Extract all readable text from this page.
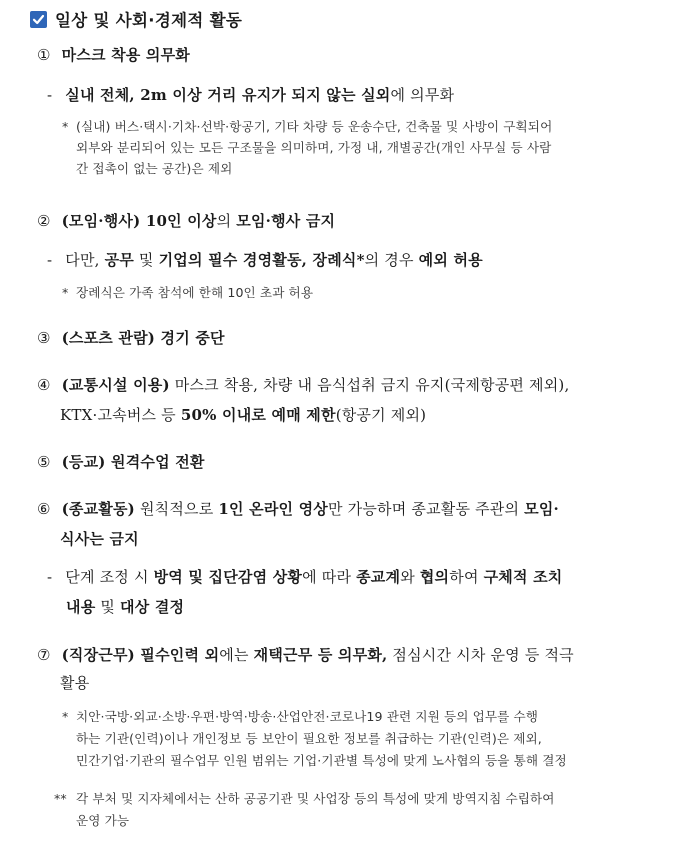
일상 및 사회·경제적 활동
① 마스크 착용 의무화
- 실내 전체, 2m 이상 거리 유지가 되지 않는 실외에 의무화
* (실내) 버스·택시·기차·선박·항공기, 기타 차량 등 운송수단, 건축물 및 사방이 구획되어
외부와 분리되어 있는 모든 구조물을 의미하며, 가정 내, 개별공간(개인 사무실 등 사람
간 접촉이 없는 공간)은 제외
② (모임·행사) 10인 이상의 모임·행사 금지
- 다만, 공무 및 기업의 필수 경영활동, 장례식*의 경우 예외 허용
* 장례식은 가족 참석에 한해 10인 초과 허용
③ (스포츠 관람) 경기 중단
④ (교통시설 이용) 마스크 착용, 차량 내 음식섭취 금지 유지(국제항공편 제외),
KTX·고속버스 등 50% 이내로 예매 제한(항공기 제외)
⑤ (등교) 원격수업 전환
⑥ (종교활동) 원칙적으로 1인 온라인 영상만 가능하며 종교활동 주관의 모임·
식사는 금지
- 단계 조정 시 방역 및 집단감염 상황에 따라 종교계와 협의하여 구체적 조치
내용 및 대상 결정
⑦ (직장근무) 필수인력 외에는 재택근무 등 의무화, 점심시간 시차 운영 등 적극
활용
* 치안·국방·외교·소방·우편·방역·방송·산업안전·코로나19 관련 지원 등의 업무를 수행
하는 기관(인력)이나 개인정보 등 보안이 필요한 정보를 취급하는 기관(인력)은 제외,
민간기업·기관의 필수업무 인원 범위는 기업·기관별 특성에 맞게 노사협의 등을 통해 결정
** 각 부처 및 지자체에서는 산하 공공기관 및 사업장 등의 특성에 맞게 방역지침 수립하여
운영 가능
